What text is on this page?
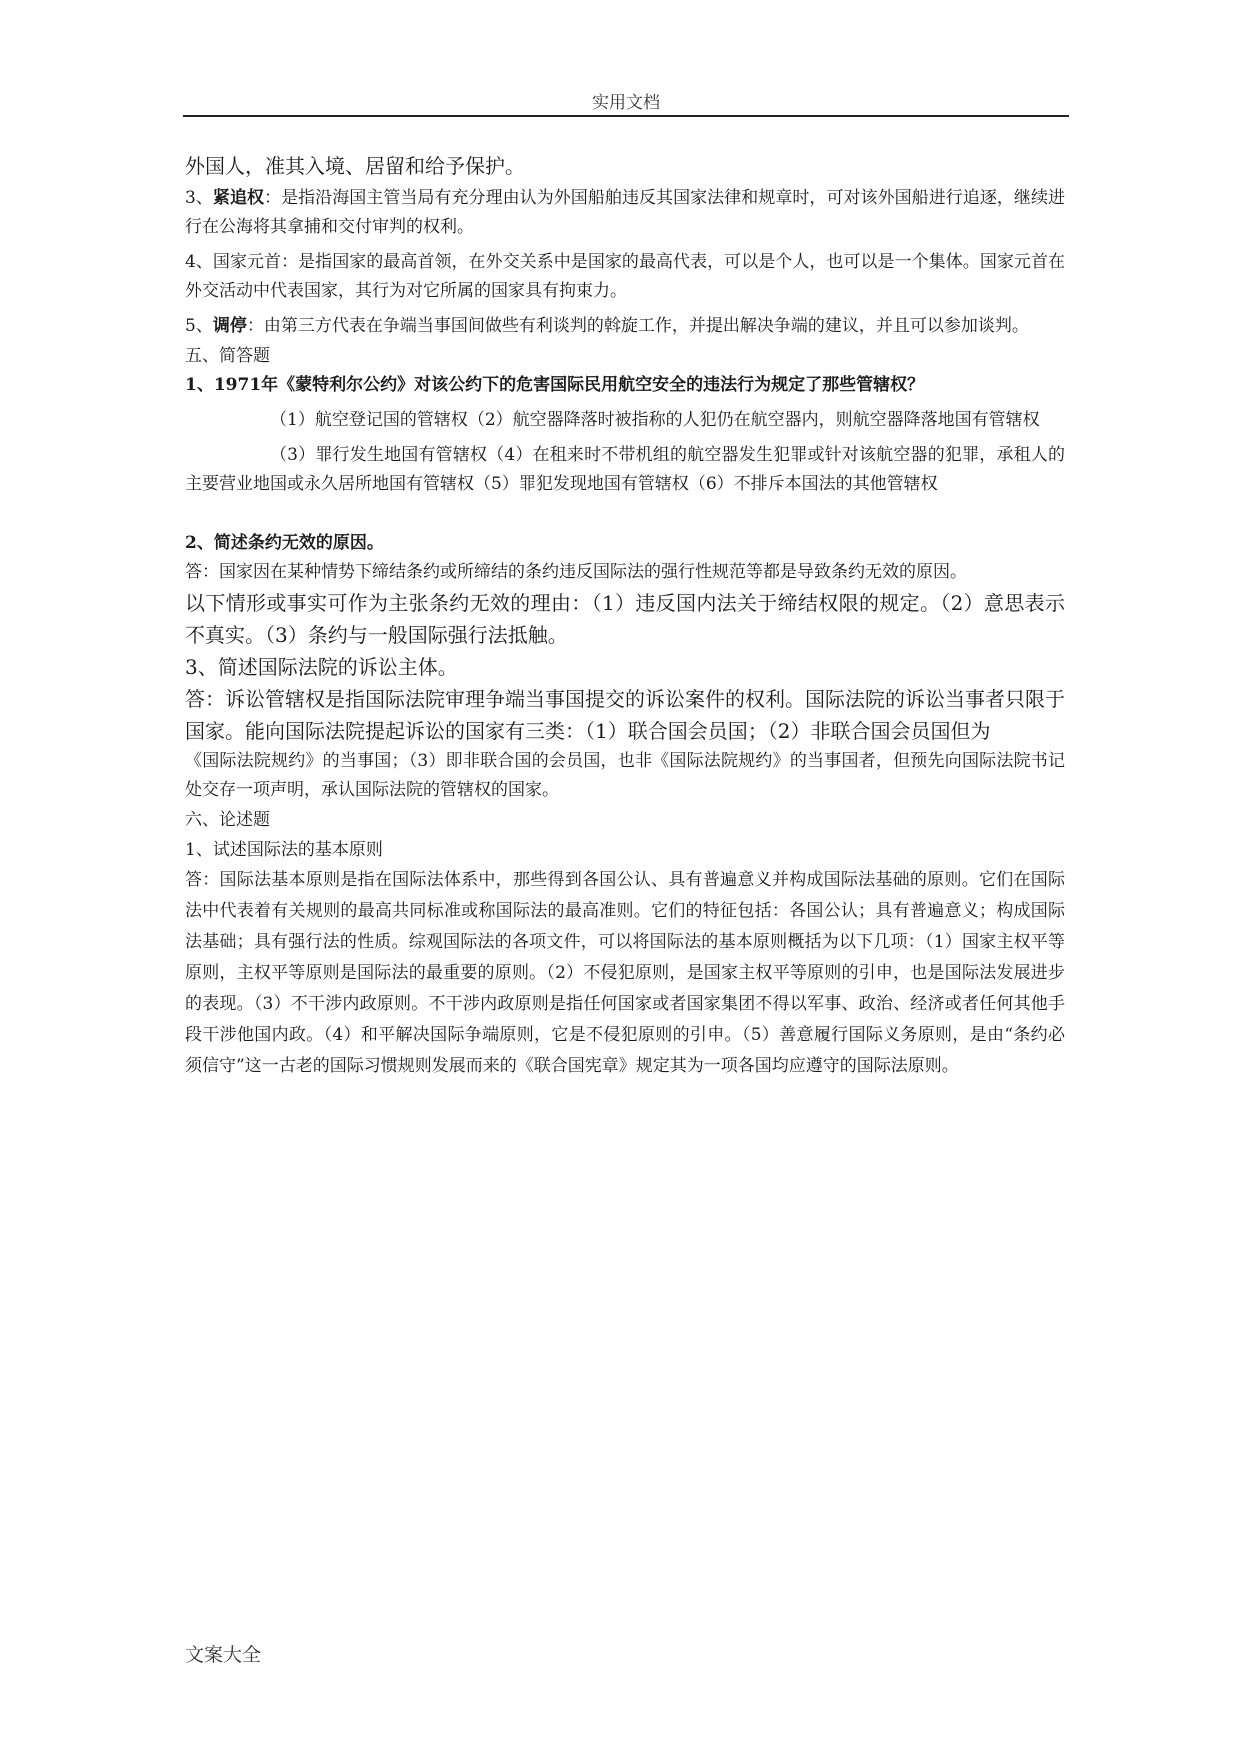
实用文档

外国人，准其入境、居留和给予保护。

3、紧追权：是指沿海国主管当局有充分理由认为外国船舶违反其国家法律和规章时，可对该外国船进行追逐，继续进行在公海将其拿捕和交付审判的权利。

4、国家元首：是指国家的最高首领，在外交关系中是国家的最高代表，可以是个人，也可以是一个集体。国家元首在外交活动中代表国家，其行为对它所属的国家具有拘束力。

5、调停：由第三方代表在争端当事国间做些有利谈判的斡旋工作，并提出解决争端的建议，并且可以参加谈判。

五、简答题

1、1971年《蒙特利尔公约》对该公约下的危害国际民用航空安全的违法行为规定了那些管辖权？

（1）航空登记国的管辖权（2）航空器降落时被指称的人犯仍在航空器内，则航空器降落地国有管辖权

（3）罪行发生地国有管辖权（4）在租来时不带机组的航空器发生犯罪或针对该航空器的犯罪，承租人的主要营业地国或永久居所地国有管辖权（5）罪犯发现地国有管辖权（6）不排斥本国法的其他管辖权

2、简述条约无效的原因。

答：国家因在某种情势下缔结条约或所缔结的条约违反国际法的强行性规范等都是导致条约无效的原因。

以下情形或事实可作为主张条约无效的理由：（1）违反国内法关于缔结权限的规定。（2）意思表示不真实。（3）条约与一般国际强行法抵触。

3、简述国际法院的诉讼主体。

答：诉讼管辖权是指国际法院审理争端当事国提交的诉讼案件的权利。国际法院的诉讼当事者只限于国家。能向国际法院提起诉讼的国家有三类：（1）联合国会员国；（2）非联合国会员国但为

《国际法院规约》的当事国；（3）即非联合国的会员国，也非《国际法院规约》的当事国者，但预先向国际法院书记处交存一项声明，承认国际法院的管辖权的国家。

六、论述题

1、试述国际法的基本原则

答：国际法基本原则是指在国际法体系中，那些得到各国公认、具有普遍意义并构成国际法基础的原则。它们在国际法中代表着有关规则的最高共同标准或称国际法的最高准则。它们的特征包括：各国公认；具有普遍意义；构成国际法基础；具有强行法的性质。综观国际法的各项文件，可以将国际法的基本原则概括为以下几项：（1）国家主权平等原则，主权平等原则是国际法的最重要的原则。（2）不侵犯原则，是国家主权平等原则的引申，也是国际法发展进步的表现。（3）不干涉内政原则。不干涉内政原则是指任何国家或者国家集团不得以军事、政治、经济或者任何其他手段干涉他国内政。（4）和平解决国际争端原则，它是不侵犯原则的引申。（5）善意履行国际义务原则，是由“条约必须信守”这一古老的国际习惯规则发展而来的《联合国宪章》规定其为一项各国均应遵守的国际法原则。

文案大全
